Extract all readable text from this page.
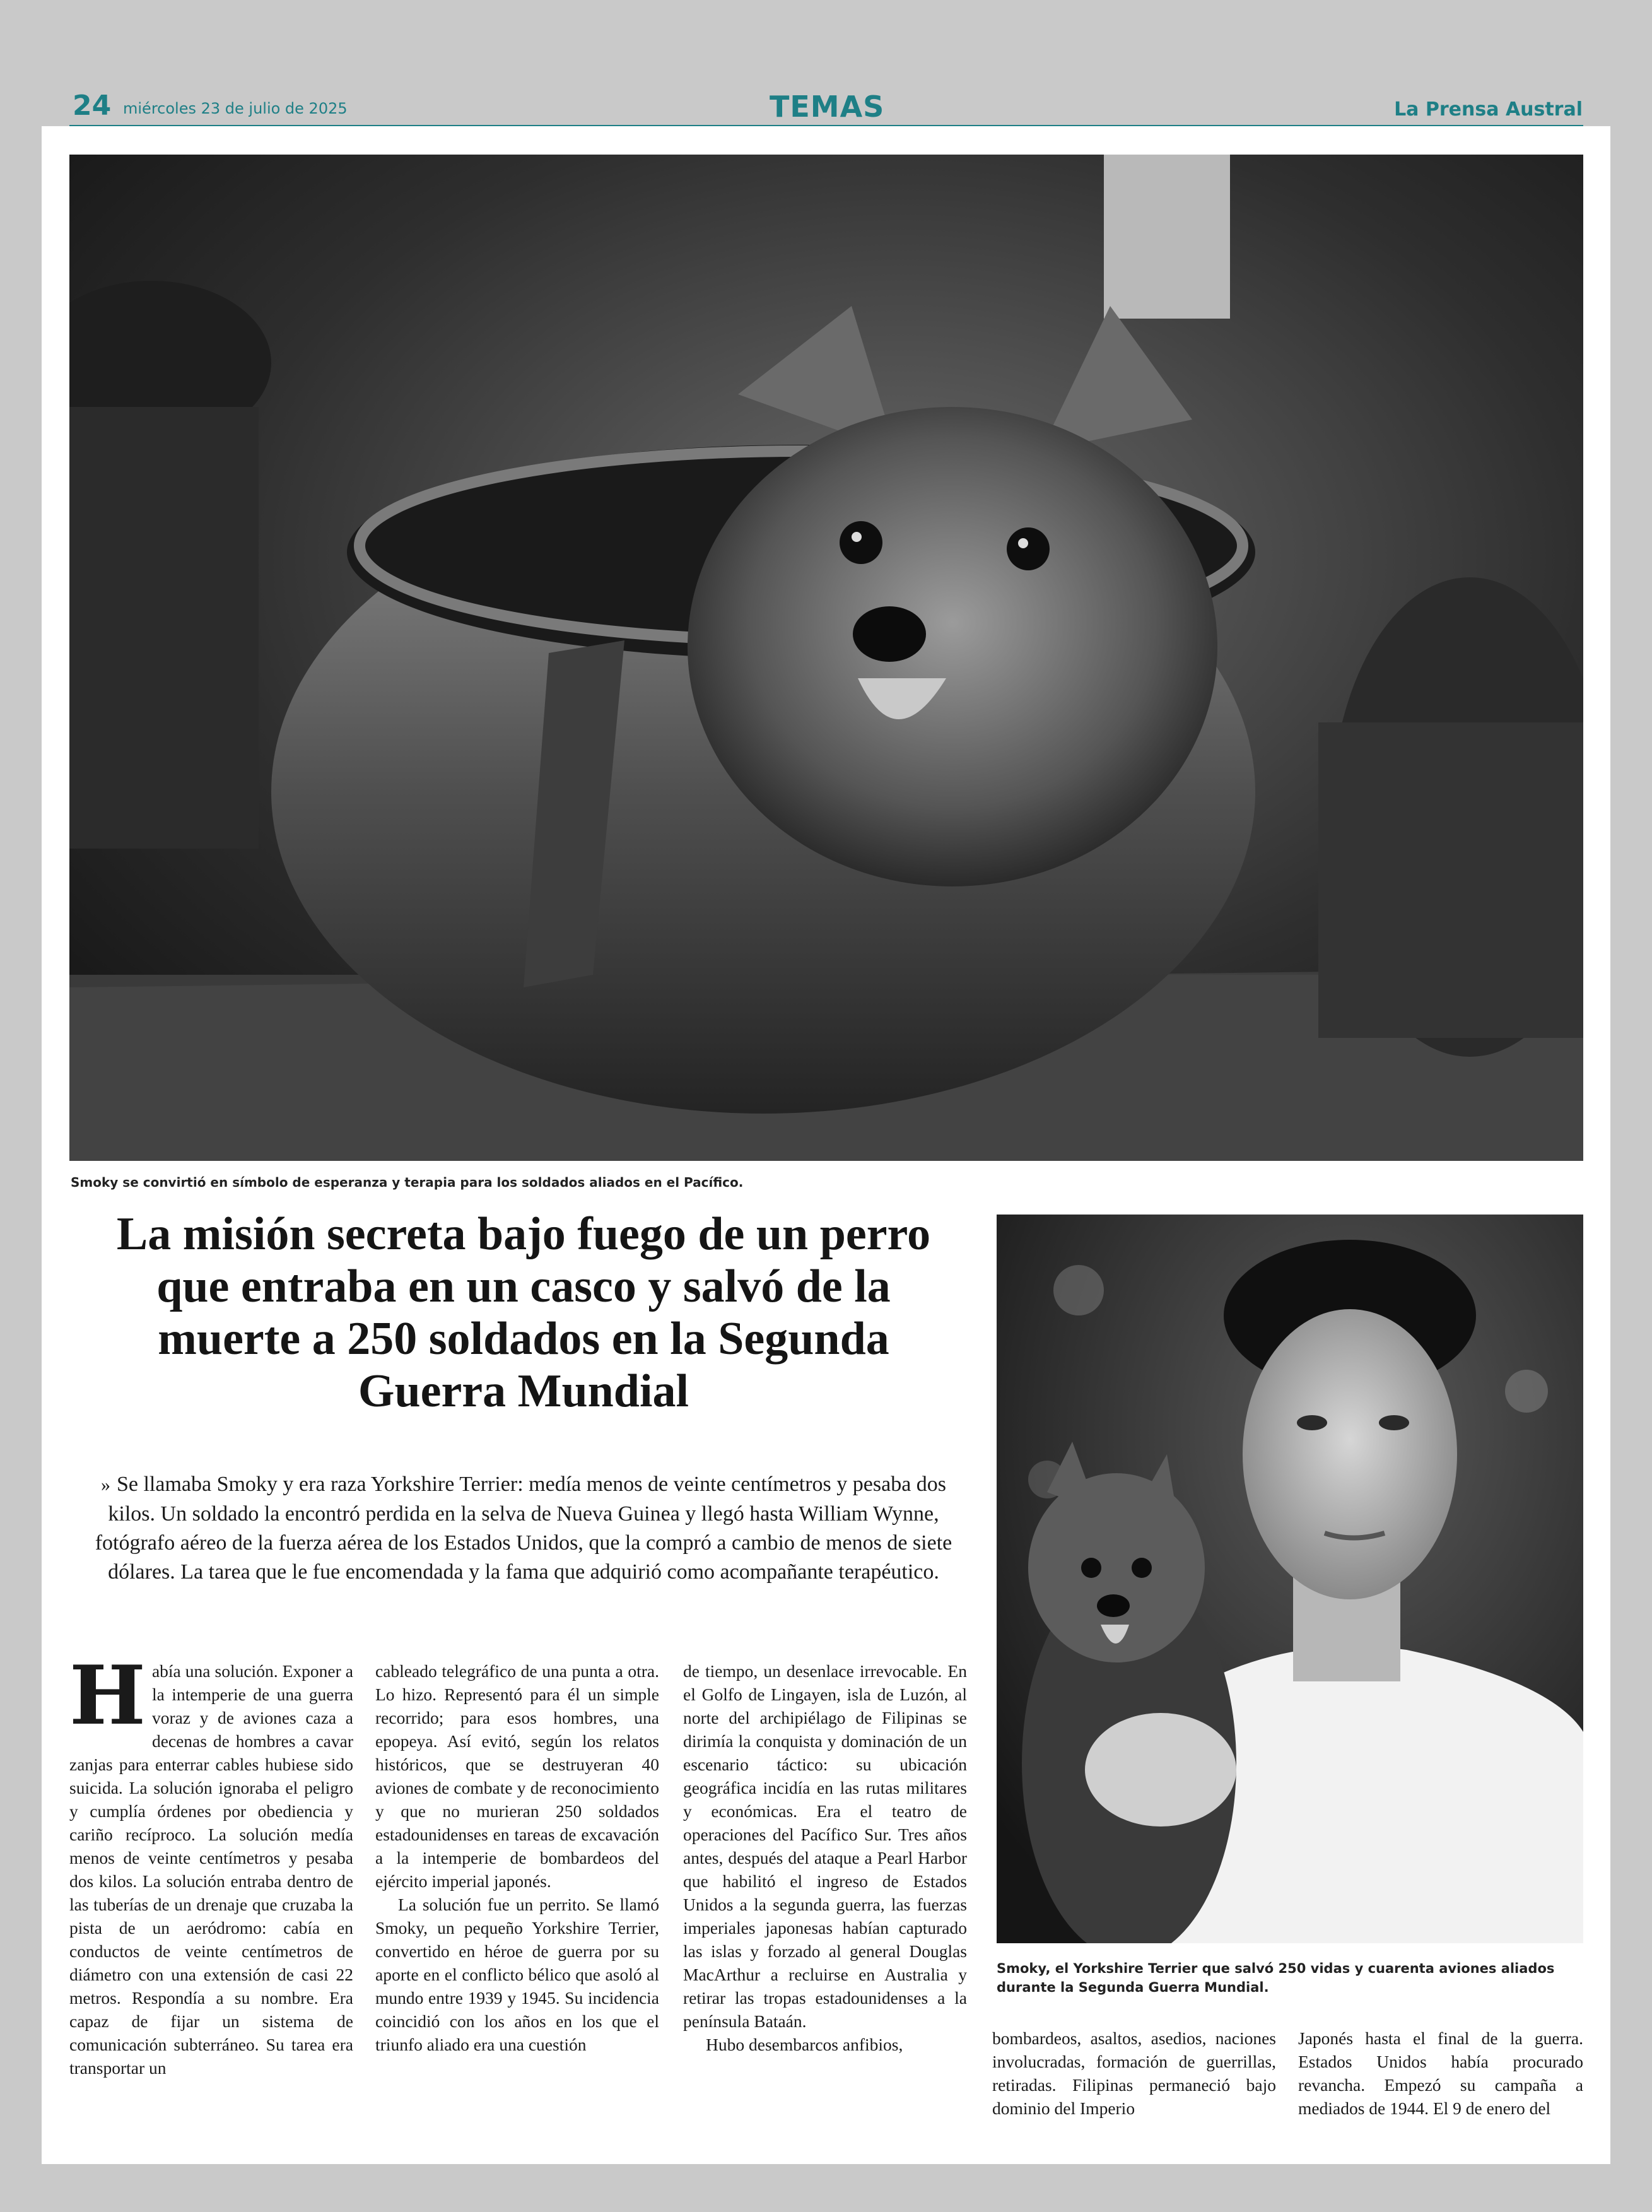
24 miércoles 23 de julio de 2025	TEMAS	La Prensa Austral
Smoky se convirtió en símbolo de esperanza y terapia para los soldados aliados en el Pacífico.
La misión secreta bajo fuego de un perro que entraba en un casco y salvó de la muerte a 250 soldados en la Segunda Guerra Mundial

» Se llamaba Smoky y era raza Yorkshire Terrier: medía menos de veinte centímetros y pesaba dos kilos. Un soldado la encontró perdida en la selva de Nueva Guinea y llegó hasta William Wynne, fotógrafo aéreo de la fuerza aérea de los Estados Unidos, que la compró a cambio de menos de siete dólares. La tarea que le fue encomendada y la fama que adquirió como acompañante terapéutico.

Había una solución. Exponer a la intemperie de una guerra voraz y de aviones caza a decenas de hombres a cavar zanjas para enterrar cables hubiese sido suicida. La solución ignoraba el peligro y cumplía órdenes por obediencia y cariño recíproco. La solución medía menos de veinte centímetros y pesaba dos kilos. La solución entraba dentro de las tuberías de un drenaje que cruzaba la pista de un aeródromo: cabía en conductos de veinte centímetros de diámetro con una extensión de casi 22 metros. Respondía a su nombre. Era capaz de fijar un sistema de comunicación subterráneo. Su tarea era transportar un

cableado telegráfico de una punta a otra. Lo hizo. Representó para él un simple recorrido; para esos hombres, una epopeya. Así evitó, según los relatos históricos, que se destruyeran 40 aviones de combate y de reconocimiento y que no murieran 250 soldados estadounidenses en tareas de excavación a la intemperie de bombardeos del ejército imperial japonés.

La solución fue un perrito. Se llamó Smoky, un pequeño Yorkshire Terrier, convertido en héroe de guerra por su aporte en el conflicto bélico que asoló al mundo entre 1939 y 1945. Su incidencia coincidió con los años en los que el triunfo aliado era una cuestión

de tiempo, un desenlace irrevocable. En el Golfo de Lingayen, isla de Luzón, al norte del archipiélago de Filipinas se dirimía la conquista y dominación de un escenario táctico: su ubicación geográfica incidía en las rutas militares y económicas. Era el teatro de operaciones del Pacífico Sur. Tres años antes, después del ataque a Pearl Harbor que habilitó el ingreso de Estados Unidos a la segunda guerra, las fuerzas imperiales japonesas habían capturado las islas y forzado al general Douglas MacArthur a recluirse en Australia y retirar las tropas estadounidenses a la península Bataán.

Hubo desembarcos anfibios,

Smoky, el Yorkshire Terrier que salvó 250 vidas y cuarenta aviones aliados durante la Segunda Guerra Mundial.
bombardeos, asaltos, asedios, naciones involucradas, formación de guerrillas, retiradas. Filipinas permaneció bajo dominio del Imperio
Japonés hasta el final de la guerra. Estados Unidos había procurado revancha. Empezó su campaña a mediados de 1944. El 9 de enero del
